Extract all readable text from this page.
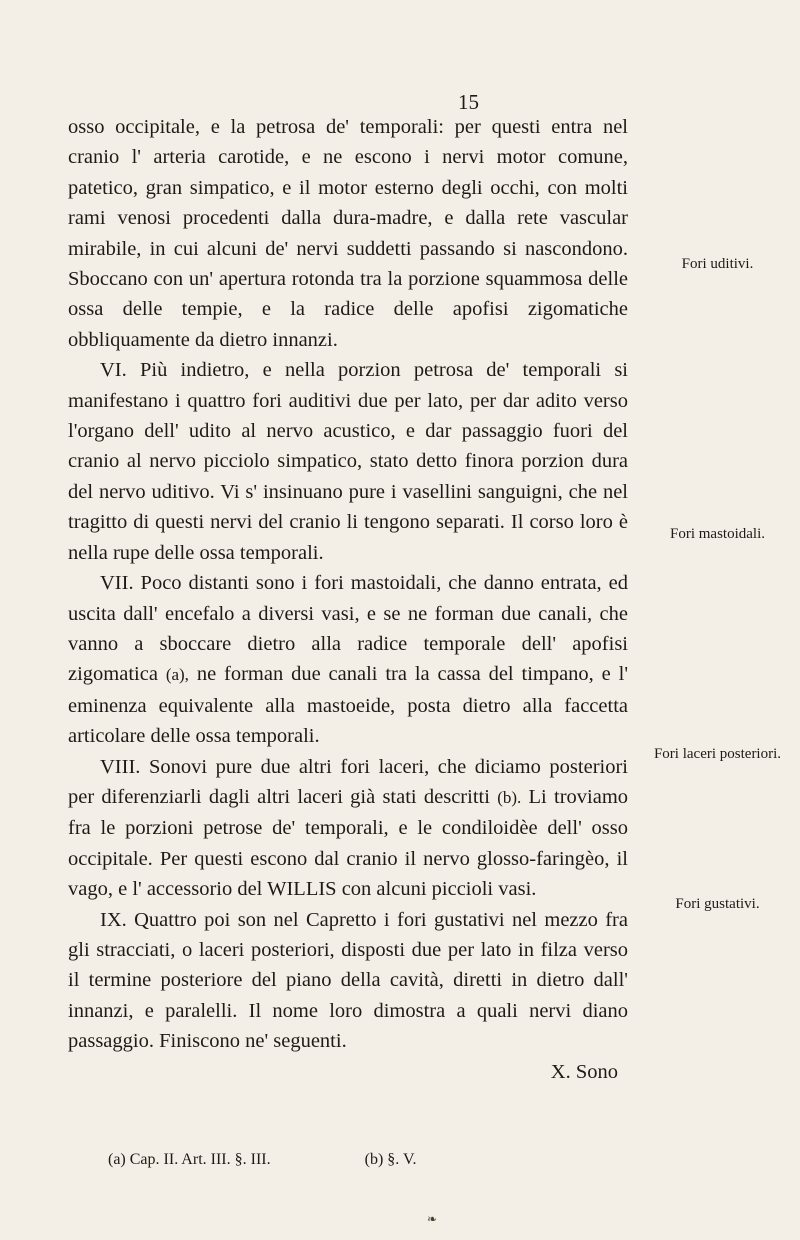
15

osso occipitale, e la petrosa de' temporali: per questi entra nel cranio l' arteria carotide, e ne escono i nervi motor comune, patetico, gran simpatico, e il motor esterno degli occhi, con molti rami venosi procedenti dalla dura-madre, e dalla rete vascular mirabile, in cui alcuni de' nervi suddetti passando si nascondono. Sboccano con un' apertura rotonda tra la porzione squammosa delle ossa delle tempie, e la radice delle apofisi zigomatiche obbliquamente da dietro innanzi.

VI. Più indietro, e nella porzion petrosa de' temporali si manifestano i quattro fori auditivi due per lato, per dar adito verso l'organo dell' udito al nervo acustico, e dar passaggio fuori del cranio al nervo picciolo simpatico, stato detto finora porzion dura del nervo uditivo. Vi s' insinuano pure i vasellini sanguigni, che nel tragitto di questi nervi del cranio li tengono separati. Il corso loro è nella rupe delle ossa temporali.

VII. Poco distanti sono i fori mastoidali, che danno entrata, ed uscita dall' encefalo a diversi vasi, e se ne forman due canali, che vanno a sboccare dietro alla radice temporale dell' apofisi zigomatica (a), ne forman due canali tra la cassa del timpano, e l' eminenza equivalente alla mastoeide, posta dietro alla faccetta articolare delle ossa temporali.

VIII. Sonovi pure due altri fori laceri, che diciamo posteriori per diferenziarli dagli altri laceri già stati descritti (b). Li troviamo fra le porzioni petrose de' temporali, e le condiloidèe dell' osso occipitale. Per questi escono dal cranio il nervo glosso-faringèo, il vago, e l' accessorio del WILLIS con alcuni piccioli vasi.

IX. Quattro poi son nel Capretto i fori gustativi nel mezzo fra gli stracciati, o laceri posteriori, disposti due per lato in filza verso il termine posteriore del piano della cavità, diretti in dietro dall' innanzi, e paralelli. Il nome loro dimostra a quali nervi diano passaggio. Finiscono ne' seguenti.

X. Sono

Fori uditivi.
Fori mastoidali.
Fori laceri posteriori.
Fori gustativi.
(a) Cap. II. Art. III. §. III.	(b) §. V.
❧
